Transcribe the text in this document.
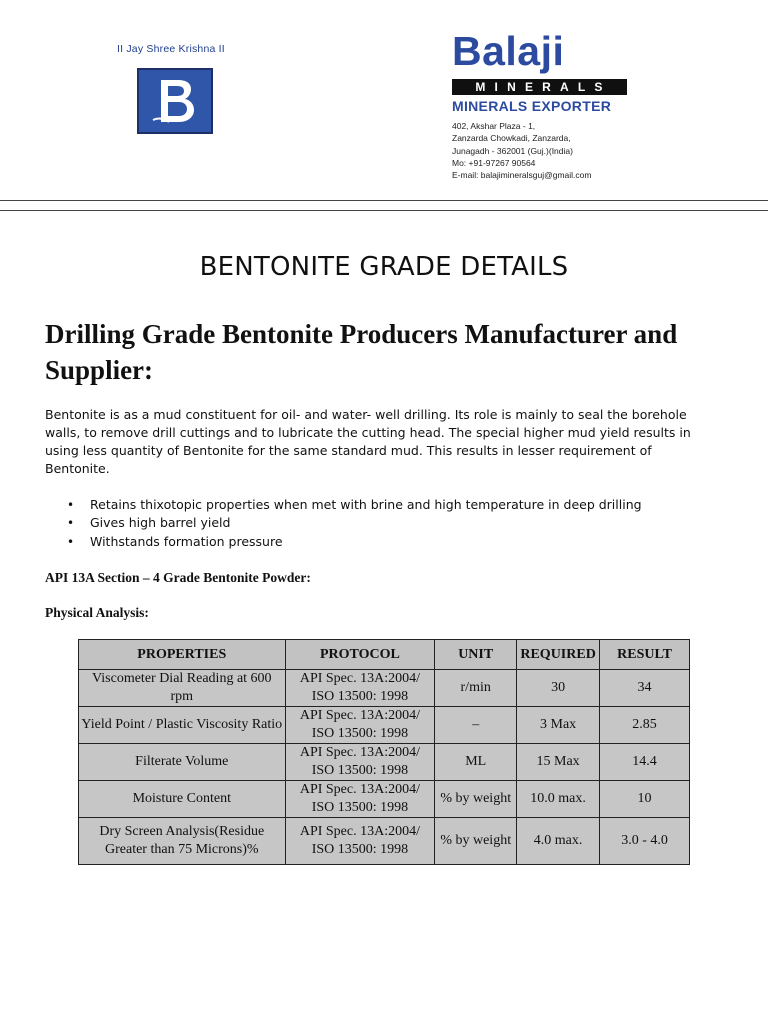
II Jay Shree Krishna II	Balaji
MINERALS
MINERALS EXPORTER
402, Akshar Plaza - 1,
Zanzarda Chowkadi, Zanzarda,
Junagadh - 362001 (Guj.)(India)
Mo: +91-97267 90564
E-mail: balajimineralsguj@gmail.com
BENTONITE GRADE DETAILS
Drilling Grade Bentonite Producers Manufacturer and Supplier:
Bentonite is as a mud constituent for oil- and water- well drilling. Its role is mainly to seal the borehole walls, to remove drill cuttings and to lubricate the cutting head. The special higher mud yield results in using less quantity of Bentonite for the same standard mud. This results in lesser requirement of Bentonite.
• Retains thixotopic properties when met with brine and high temperature in deep drilling
• Gives high barrel yield
• Withstands formation pressure
API 13A Section – 4 Grade Bentonite Powder:
Physical Analysis:
PROPERTIES	PROTOCOL	UNIT	REQUIRED	RESULT
Viscometer Dial Reading at 600 rpm	API Spec. 13A:2004/ ISO 13500: 1998	r/min	30	34
Yield Point / Plastic Viscosity Ratio	API Spec. 13A:2004/ ISO 13500: 1998	–	3 Max	2.85
Filterate Volume	API Spec. 13A:2004/ ISO 13500: 1998	ML	15 Max	14.4
Moisture Content	API Spec. 13A:2004/ ISO 13500: 1998	% by weight	10.0 max.	10
Dry Screen Analysis(Residue Greater than 75 Microns)%	API Spec. 13A:2004/ ISO 13500: 1998	% by weight	4.0 max.	3.0 - 4.0
